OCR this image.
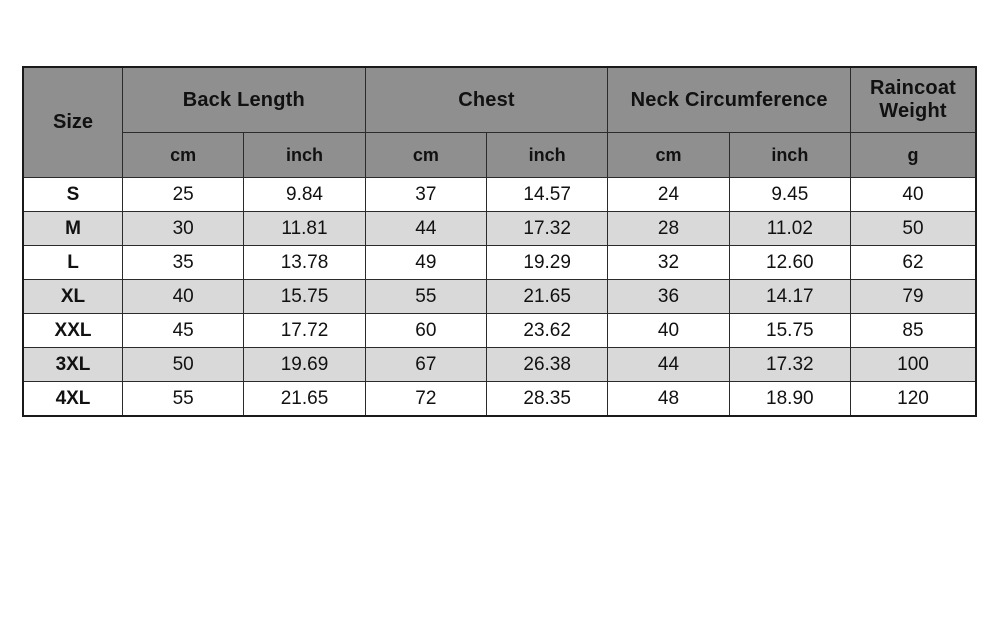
Size	Back Length		Chest		Neck Circumference		Raincoat Weight
	cm	inch	cm	inch	cm	inch	g
S	25	9.84	37	14.57	24	9.45	40
M	30	11.81	44	17.32	28	11.02	50
L	35	13.78	49	19.29	32	12.60	62
XL	40	15.75	55	21.65	36	14.17	79
XXL	45	17.72	60	23.62	40	15.75	85
3XL	50	19.69	67	26.38	44	17.32	100
4XL	55	21.65	72	28.35	48	18.90	120
